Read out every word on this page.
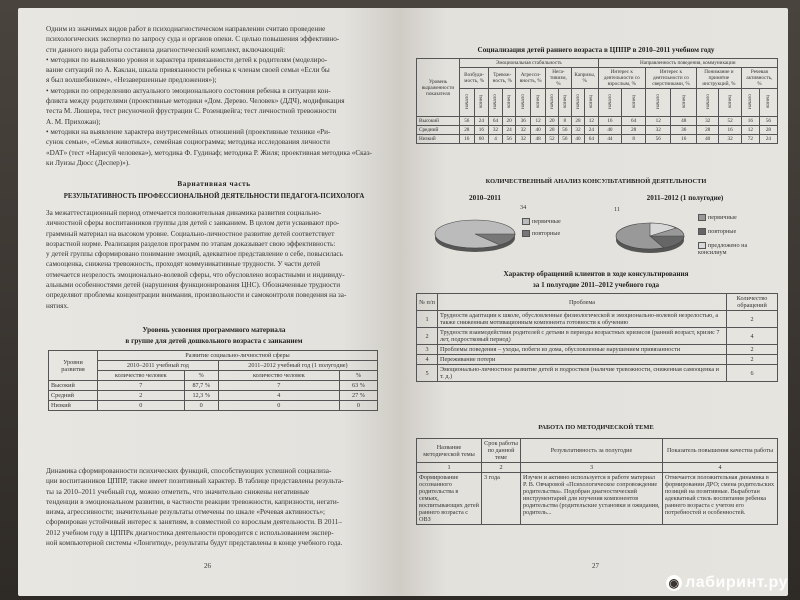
Одним из значимых видов работ в психодиагностическом направлении считаю проведение
психологических экспертиз по запросу суда и органов опеки. С целью повышения эффективно-
сти данного вида работы составила диагностический комплект, включающий:
• методики по выявлению уровня и характера привязанности детей к родителям (моделиро-
вание ситуаций по А. Каклан, шкала привязанности ребенка к членам своей семьи «Если бы
я был волшебником», «Незавершенные предложения»);
• методики по определению актуального эмоционального состояния ребенка в ситуации кон-
фликта между родителями (проективные методики «Дом. Дерево. Человек» (ДДЧ), модификация
теста М. Люшера, тест рисуночной фрустрации С. Розенцвейга; тест личностной тревожности
А. М. Прихожан);
• методики на выявление характера внутрисемейных отношений (проективные техники «Ри-
сунок семьи», «Семья животных», семейная социограмма; методика исследования личности
«DAT» (тест «Нарисуй человека»), методика Ф. Гудинаф; методика Р. Жиля; проективная методика «Сказ-
ки Луизы Дюсс (Деспер)»).
Вариативная часть
РЕЗУЛЬТАТИВНОСТЬ ПРОФЕССИОНАЛЬНОЙ ДЕЯТЕЛЬНОСТИ ПЕДАГОГА-ПСИХОЛОГА
За межаттестационный период отмечается положительная динамика развития социально-
личностной сферы воспитанников группы для детей с заиканием. В целом дети усваивают про-
граммный материал на высоком уровне. Социально-личностное развитие детей соответствует
возрастной норме. Реализация разделов программ по этапам доказывает свою эффективность:
у детей группы сформировано понимание эмоций, адекватное представление о себе, повысилась
самооценка, снижена тревожность, проходят коммуникативные трудности. У части детей
отмечается незрелость эмоционально-волевой сферы, что обусловлено возрастными и индивиду-
альными особенностями детей (нарушения функционирования ЦНС). Обозначенные трудности
определяют проблемы концентрации внимания, произвольности и самоконтроля поведения на за-
нятиях.
Уровень усвоения программного материала
в группе для детей дошкольного возраста с заиканием
Уровни развития	Развитие социально-личностной сферы			
	2010–2011 учебный год		2011–2012 учебный год (1 полугодие)	
	количество человек	%	количество человек	%
Высокий	7	87,7 %	7	63 %
Средний	2	12,3 %	4	27 %
Низкий	0	0	0	0
Динамика сформированности психических функций, способствующих успешной социализа-
ции воспитанников ЦППР, также имеет позитивный характер. В таблице представлены результа-
ты за 2010–2011 учебный год, можно отметить, что значительно снижены негативные
тенденции в эмоциональном развитии, в частности реакции тревожности, капризности, негати-
визма, агрессивности; значительные результаты отмечены по шкале «Речевая активность»;
сформирован устойчивый интерес к занятиям, в совместной со взрослым деятельности. В 2011–
2012 учебном году в ЦППРк диагностика деятельности проводится с использованием экспер-
ной компьютерной системы «Лонгитюд», результаты будут представлены в конце учебного года.
26
Социализация детей раннего возраста в ЦППР в 2010–2011 учебном году
Уровень выраженности показателя	Эмоциональная стабильность										Направленность поведения, коммуникации							
	Возбуди-мость, %		Тревож-ность, %		Агресси-вность, %		Нега-тивизм, %		Капризы, %		Интерес к деятельности со взрослым, %		Интерес к деятельности со сверстниками, %		Понимание и принятие инструкций, %		Речевая активность, %	
	начало	конец	начало	конец	начало	конец	начало	конец	начало	конец	начало	конец	начало	конец	начало	конец	начало	конец
Высокий	56	24	64	20	36	12	20	8	28	12	16	64	12	48	32	52	16	56
Средний	28	16	32	24	32	40	28	56	32	24	40	28	32	36	28	16	12	28
Низкий	16	60	4	56	32	48	52	56	40	64	44	8	56	16	40	32	72	24
КОЛИЧЕСТВЕННЫЙ АНАЛИЗ КОНСУЛЬТАТИВНОЙ ДЕЯТЕЛЬНОСТИ
2010–2011
34
первичные
повторные
2011–2012 (1 полугодие)
11
первичные
повторные
предложено на консилиум
Характер обращений клиентов в ходе консультирования
за 1 полугодие 2011–2012 учебного года
№ п/п	Проблема	Количество обращений
1	Трудности адаптации к школе, обусловленные физиологической и эмоционально-волевой незрелостью, а также сниженным мотивационным компонента готовности к обучению	2
2	Трудности взаимодействия родителей с детьми в периоды возрастных кризисов (ранний возраст, кризис 7 лет, подростковый период)	4
3	Проблемы поведения – уходы, побеги из дома, обусловленные нарушением привязанности	2
4	Переживание потери	2
5	Эмоционально-личностное развитие детей и подростков (наличие тревожности, сниженная самооценка и т. д.)	6
РАБОТА ПО МЕТОДИЧЕСКОЙ ТЕМЕ
Название методической темы	Срок работы по данной теме	Результативность за полугодие	Показатель повышения качества работы
1	2	3	4
Формирование осознанного родительства в семьях, воспитывающих детей раннего возраста с ОВЗ	3 года	Изучен и активно используется в работе материал Р. В. Овчаровой «Психологическое сопровождение родительства». Подобран диагностический инструментарий для изучения компонентов родительства (родительские установки и ожидания, родитель...	Отмечается положительная динамика в формировании ДРО; смена родительских позиций на позитивные. Выработан адекватный стиль воспитания ребенка раннего возраста с учетом его потребностей и особенностей.
27
◉ лабиринт.ру
